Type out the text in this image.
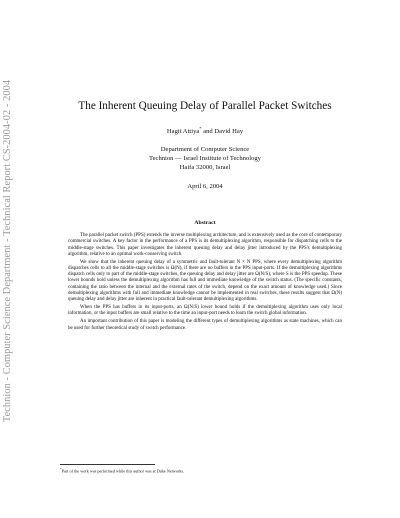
Technion - Computer Science Department - Technical Report CS-2004-02 - 2004	The Inherent Queuing Delay of Parallel Packet Switches
Hagit Attiya* and David Hay
Department of Computer Science
Technion — Israel Institute of Technology
Haifa 32000, Israel
April 6, 2004
Abstract

The parallel packet switch (PPS) extends the inverse multiplexing architecture, and is extensively used as the core of contemporary commercial switches. A key factor in the performance of a PPS is its demultiplexing algorithm, responsible for dispatching cells to the middle-stage switches. This paper investigates the inherent queuing delay and delay jitter introduced by the PPS's demultiplexing algorithm, relative to an optimal work-conserving switch.

We show that the inherent queuing delay of a symmetric and fault-tolerant N × N PPS, where every demultiplexing algorithm dispatches cells to all the middle-stage switches is Ω(N), if there are no buffers in the PPS input-ports. If the demultiplexing algorithms dispatch cells only to part of the middle-stage switches, the queuing delay and delay jitter are Ω(N/S), where S is the PPS speedup. These lower bounds hold unless the demultiplexing algorithm has full and immediate knowledge of the switch status. (The specific constants, containing the ratio between the internal and the external rates of the switch, depend on the exact amount of knowledge used.) Since demultiplexing algorithms with full and immediate knowledge cannot be implemented in real switches, these results suggest that Ω(N) queuing delay and delay jitter are inherent in practical fault-tolerant demultiplexing algorithms.

When the PPS has buffers in its input-ports, an Ω(N/S) lower bound holds if the demultiplexing algorithm uses only local information, or the input buffers are small relative to the time an input-port needs to learn the switch global information.

An important contribution of this paper is modeling the different types of demultiplexing algorithms as state machines, which can be used for further theoretical study of switch performance.

*Part of the work was performed while this author was at Duke Networks.
